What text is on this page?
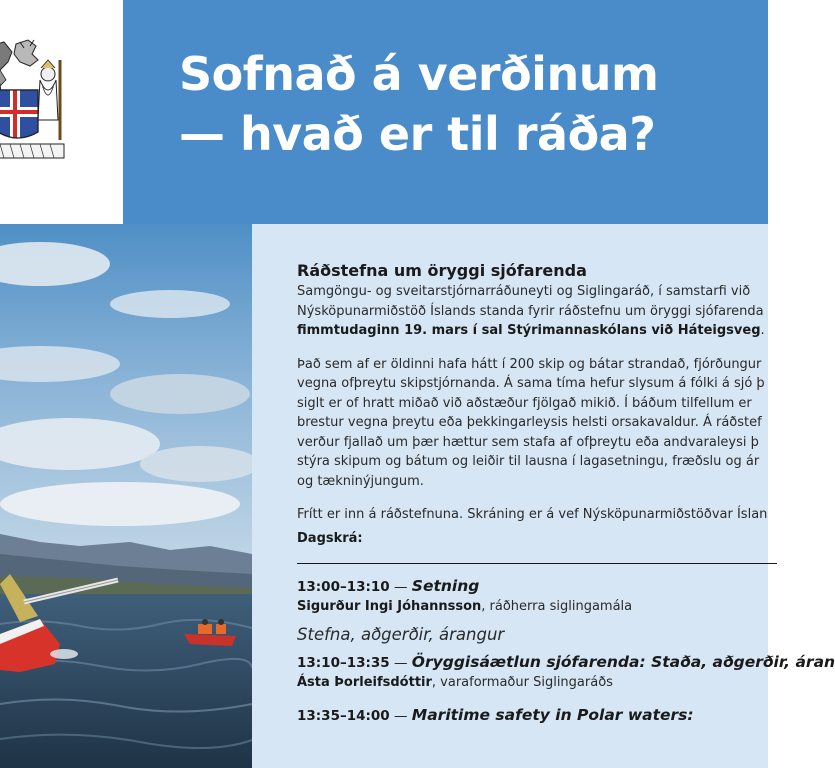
Sofnað á verðinum
— hvað er til ráða?
Ráðstefna um öryggi sjófarenda
Samgöngu- og sveitarstjórnarráðuneyti og Siglingaráð, í samstarfi við
Nýsköpunarmiðstöð Íslands standa fyrir ráðstefnu um öryggi sjófarenda
fimmtudaginn 19. mars í sal Stýrimannaskólans við Háteigsveg.
Það sem af er öldinni hafa hátt í 200 skip og bátar strandað, fjórðungur
vegna ofþreytu skipstjórnanda. Á sama tíma hefur slysum á fólki á sjó þ
siglt er of hratt miðað við aðstæður fjölgað mikið. Í báðum tilfellum er
brestur vegna þreytu eða þekkingarleysis helsti orsakavaldur. Á ráðstef
verður fjallað um þær hættur sem stafa af ofþreytu eða andvaraleysi þ
stýra skipum og bátum og leiðir til lausna í lagasetningu, fræðslu og ár
og tækninýjungum.
Frítt er inn á ráðstefnuna. Skráning er á vef Nýsköpunarmiðstöðvar Íslan
Dagskrá:
13:00–13:10 — Setning
Sigurður Ingi Jóhannsson, ráðherra siglingamála
Stefna, aðgerðir, árangur
13:10–13:35 — Öryggisáætlun sjófarenda: Staða, aðgerðir, áran
Ásta Þorleifsdóttir, varaformaður Siglingaráðs
13:35–14:00 — Maritime safety in Polar waters:
